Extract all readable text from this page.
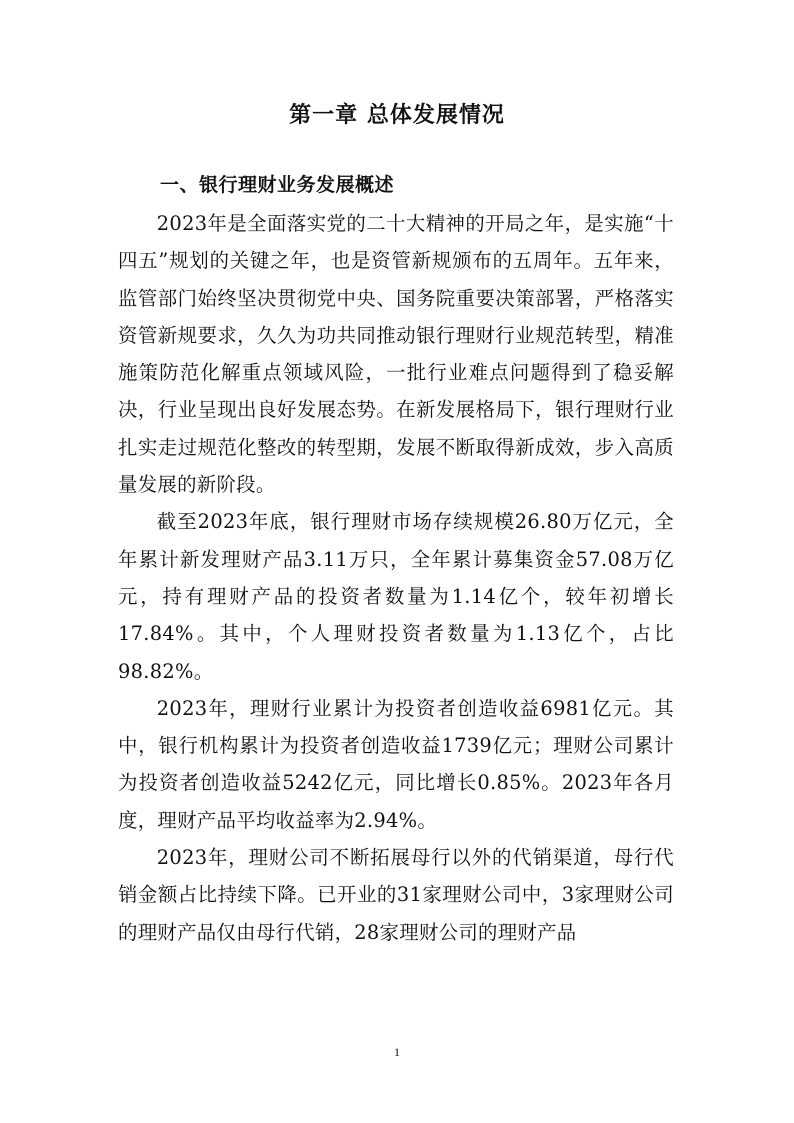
第一章 总体发展情况
一、银行理财业务发展概述

2023年是全面落实党的二十大精神的开局之年，是实施“十四五”规划的关键之年，也是资管新规颁布的五周年。五年来，监管部门始终坚决贯彻党中央、国务院重要决策部署，严格落实资管新规要求，久久为功共同推动银行理财行业规范转型，精准施策防范化解重点领域风险，一批行业难点问题得到了稳妥解决，行业呈现出良好发展态势。在新发展格局下，银行理财行业扎实走过规范化整改的转型期，发展不断取得新成效，步入高质量发展的新阶段。

截至2023年底，银行理财市场存续规模26.80万亿元，全年累计新发理财产品3.11万只，全年累计募集资金57.08万亿元，持有理财产品的投资者数量为1.14亿个，较年初增长17.84%。其中，个人理财投资者数量为1.13亿个，占比98.82%。

2023年，理财行业累计为投资者创造收益6981亿元。其中，银行机构累计为投资者创造收益1739亿元；理财公司累计为投资者创造收益5242亿元，同比增长0.85%。2023年各月度，理财产品平均收益率为2.94%。

2023年，理财公司不断拓展母行以外的代销渠道，母行代销金额占比持续下降。已开业的31家理财公司中，3家理财公司的理财产品仅由母行代销，28家理财公司的理财产品

1
